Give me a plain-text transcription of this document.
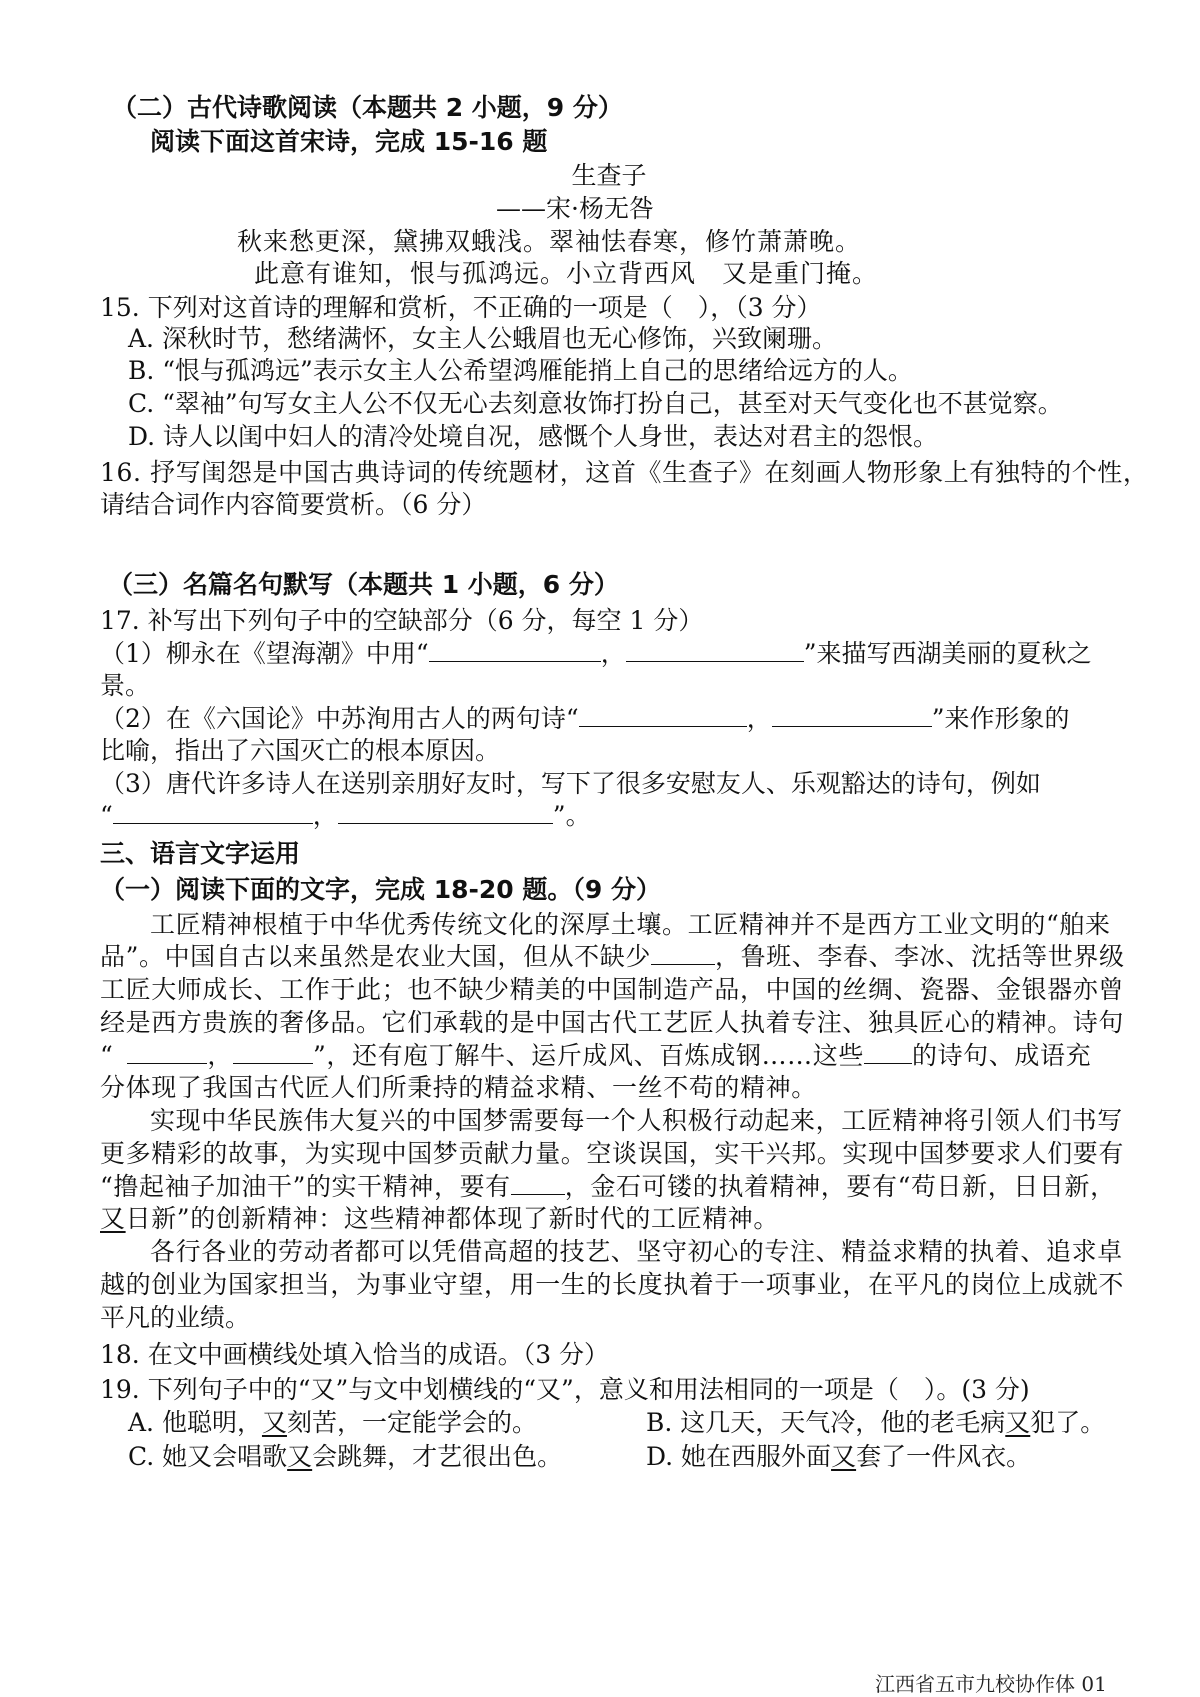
（二）古代诗歌阅读（本题共 2 小题，9 分）

阅读下面这首宋诗，完成 15-16 题

生查子

——宋·杨无咎

秋来愁更深，黛拂双蛾浅。翠袖怯春寒，修竹萧萧晚。

此意有谁知，恨与孤鸿远。小立背西风　又是重门掩。

15. 下列对这首诗的理解和赏析，不正确的一项是（　），（3 分）

A. 深秋时节，愁绪满怀，女主人公蛾眉也无心修饰，兴致阑珊。

B. “恨与孤鸿远”表示女主人公希望鸿雁能捎上自己的思绪给远方的人。

C. “翠袖”句写女主人公不仅无心去刻意妆饰打扮自己，甚至对天气变化也不甚觉察。

D. 诗人以闺中妇人的清冷处境自况，感慨个人身世，表达对君主的怨恨。

16. 抒写闺怨是中国古典诗词的传统题材，这首《生查子》在刻画人物形象上有独特的个性，

请结合词作内容简要赏析。（6 分）

（三）名篇名句默写（本题共 1 小题，6 分）

17. 补写出下列句子中的空缺部分（6 分，每空 1 分）

（1）柳永在《望海潮》中用“	，	”来描写西湖美丽的夏秋之

景。

（2）在《六国论》中苏洵用古人的两句诗“	，	”来作形象的

比喻，指出了六国灭亡的根本原因。

（3）唐代许多诗人在送别亲朋好友时，写下了很多安慰友人、乐观豁达的诗句，例如

“	，	”。

三、语言文字运用

（一）阅读下面的文字，完成 18-20 题。（9 分）

工匠精神根植于中华优秀传统文化的深厚土壤。工匠精神并不是西方工业文明的“舶来

品”。中国自古以来虽然是农业大国，但从不缺少	，鲁班、李春、李冰、沈括等世界级

工匠大师成长、工作于此；也不缺少精美的中国制造产品，中国的丝绸、瓷器、金银器亦曾

经是西方贵族的奢侈品。它们承载的是中国古代工艺匠人执着专注、独具匠心的精神。诗句

“	，	”，还有庖丁解牛、运斤成风、百炼成钢……这些 的诗句、成语充

分体现了我国古代匠人们所秉持的精益求精、一丝不苟的精神。

实现中华民族伟大复兴的中国梦需要每一个人积极行动起来，工匠精神将引领人们书写

更多精彩的故事，为实现中国梦贡献力量。空谈误国，实干兴邦。实现中国梦要求人们要有

“撸起袖子加油干”的实干精神，要有 ，金石可镂的执着精神，要有“苟日新，日日新，

又日新”的创新精神：这些精神都体现了新时代的工匠精神。

各行各业的劳动者都可以凭借高超的技艺、坚守初心的专注、精益求精的执着、追求卓

越的创业为国家担当，为事业守望，用一生的长度执着于一项事业，在平凡的岗位上成就不

平凡的业绩。

18. 在文中画横线处填入恰当的成语。（3 分）

19. 下列句子中的“又”与文中划横线的“又”，意义和用法相同的一项是（　）。(3 分)

A. 他聪明，又刻苦，一定能学会的。	B. 这几天，天气冷，他的老毛病又犯了。

C. 她又会唱歌又会跳舞，才艺很出色。	D. 她在西服外面又套了一件风衣。

江西省五市九校协作体 01
